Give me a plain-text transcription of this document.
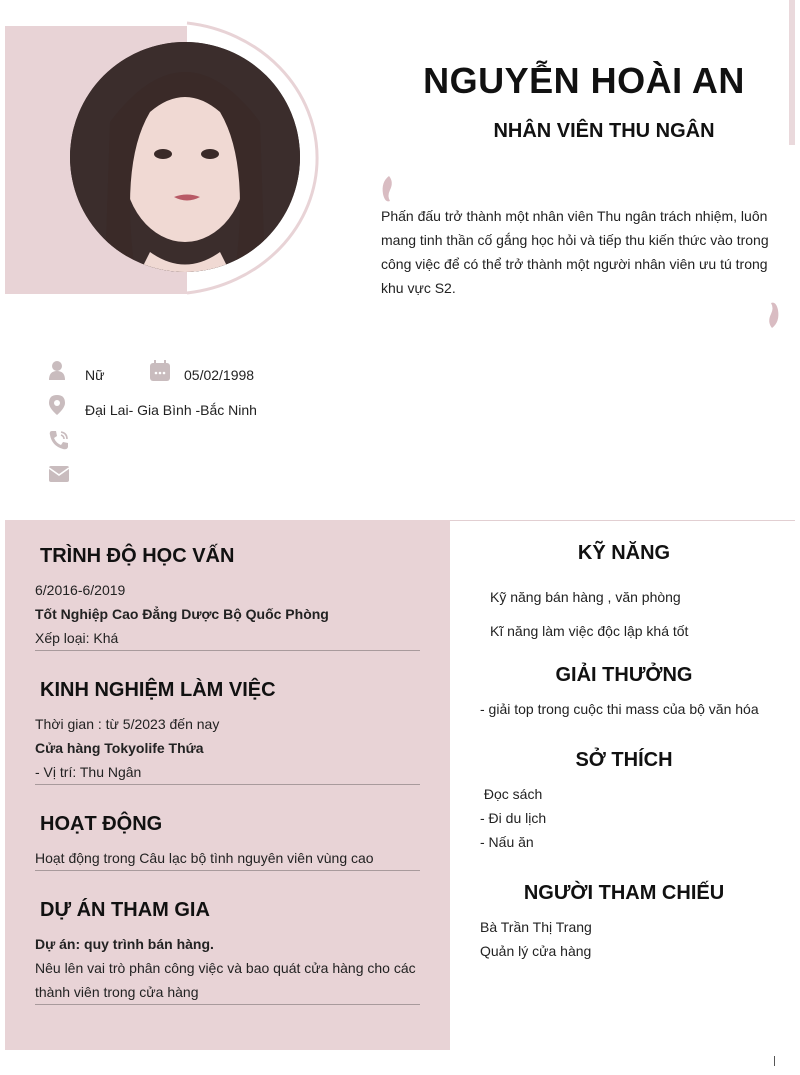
NGUYỄN HOÀI AN
NHÂN VIÊN THU NGÂN
Phấn đấu trở thành một nhân viên Thu ngân trách nhiệm, luôn mang tinh thần cố gắng học hỏi và tiếp thu kiến thức vào trong công việc để có thể trở thành một người nhân viên ưu tú trong khu vực S2.
Nữ	05/02/1998
Đại Lai- Gia Bình -Bắc Ninh
TRÌNH ĐỘ HỌC VẤN
6/2016-6/2019
Tốt Nghiệp Cao Đẳng Dược Bộ Quốc Phòng
Xếp loại: Khá
KINH NGHIỆM LÀM VIỆC
Thời gian : từ 5/2023 đến nay
Cửa hàng Tokyolife Thứa
- Vị trí: Thu Ngân
HOẠT ĐỘNG
Hoạt động trong Câu lạc bộ tình nguyên viên vùng cao
DỰ ÁN THAM GIA
Dự án: quy trình bán hàng.
Nêu lên vai trò phân công việc và bao quát cửa hàng cho các
thành viên trong cửa hàng
KỸ NĂNG
Kỹ năng bán hàng , văn phòng
Kĩ năng làm việc độc lập khá tốt
GIẢI THƯỞNG
- giải top trong cuộc thi mass của bộ văn hóa
SỞ THÍCH
Đọc sách
- Đi du lịch
- Nấu ăn
NGƯỜI THAM CHIẾU
Bà Trần Thị Trang
Quản lý cửa hàng
